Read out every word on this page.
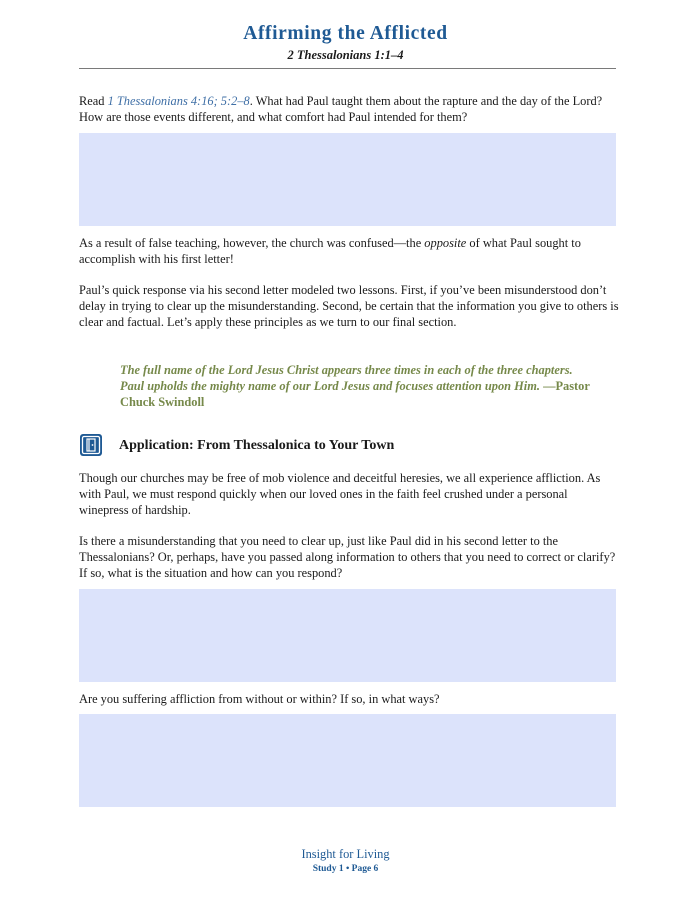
Affirming the Afflicted
2 Thessalonians 1:1–4

Read 1 Thessalonians 4:16; 5:2–8. What had Paul taught them about the rapture and the day of the Lord? How are those events different, and what comfort had Paul intended for them?

As a result of false teaching, however, the church was confused—the opposite of what Paul sought to accomplish with his first letter!

Paul’s quick response via his second letter modeled two lessons. First, if you’ve been misunderstood don’t delay in trying to clear up the misunderstanding. Second, be certain that the information you give to others is clear and factual. Let’s apply these principles as we turn to our final section.

The full name of the Lord Jesus Christ appears three times in each of the three chapters. Paul upholds the mighty name of our Lord Jesus and focuses attention upon Him. —Pastor Chuck Swindoll

Application: From Thessalonica to Your Town

Though our churches may be free of mob violence and deceitful heresies, we all experience affliction. As with Paul, we must respond quickly when our loved ones in the faith feel crushed under a personal winepress of hardship.

Is there a misunderstanding that you need to clear up, just like Paul did in his second letter to the Thessalonians? Or, perhaps, have you passed along information to others that you need to correct or clarify? If so, what is the situation and how can you respond?

Are you suffering affliction from without or within? If so, in what ways?

Insight for Living
Study 1 • Page 6
